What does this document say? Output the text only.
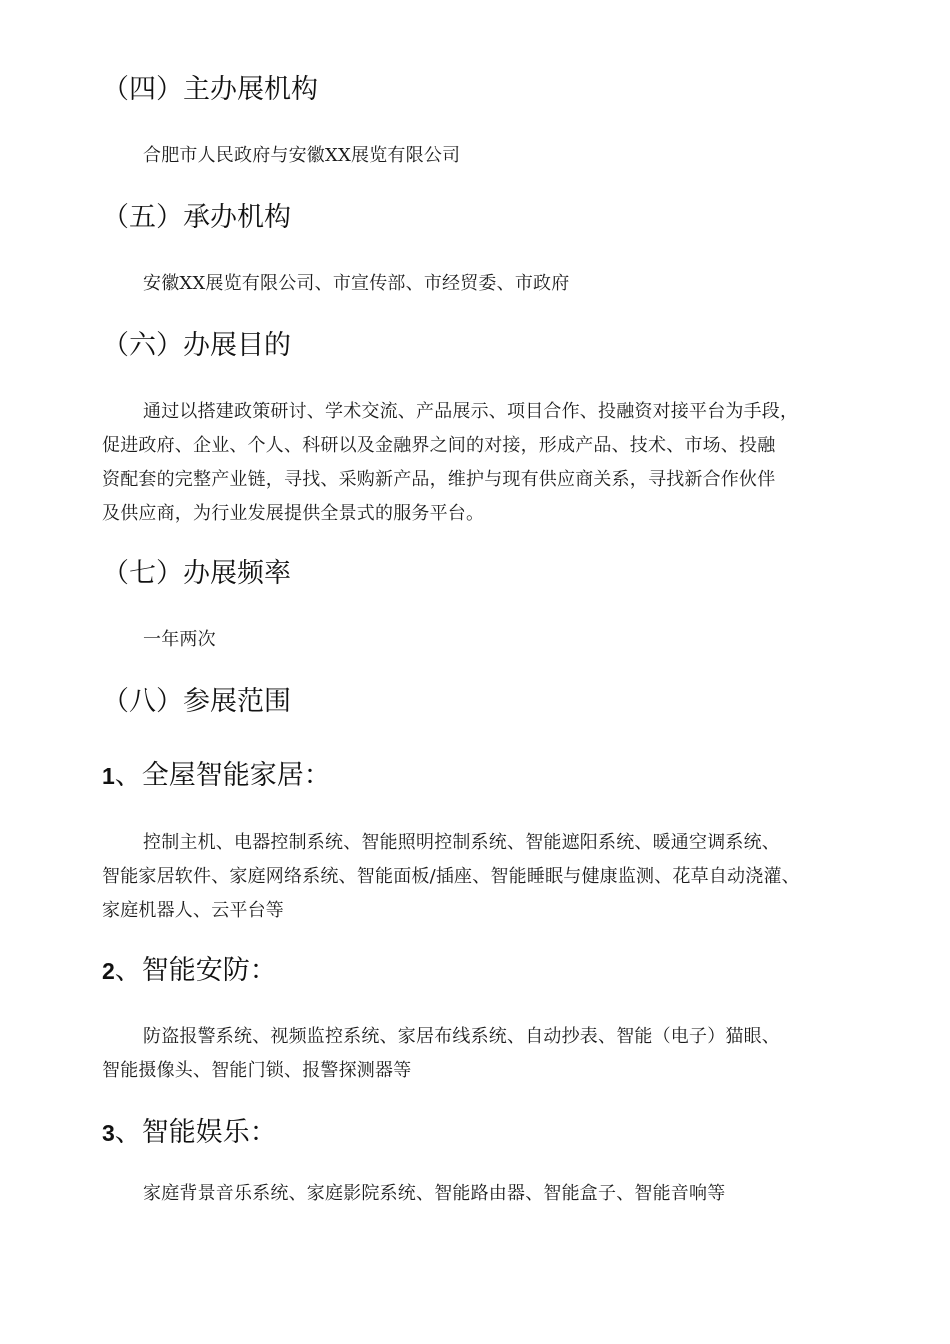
（四）主办展机构
合肥市人民政府与安徽XX展览有限公司
（五）承办机构
安徽XX展览有限公司、市宣传部、市经贸委、市政府
（六）办展目的
通过以搭建政策研讨、学术交流、产品展示、项目合作、投融资对接平台为手段，
促进政府、企业、个人、科研以及金融界之间的对接，形成产品、技术、市场、投融
资配套的完整产业链，寻找、采购新产品，维护与现有供应商关系，寻找新合作伙伴
及供应商，为行业发展提供全景式的服务平台。
（七）办展频率
一年两次
（八）参展范围
1、全屋智能家居：
控制主机、电器控制系统、智能照明控制系统、智能遮阳系统、暖通空调系统、
智能家居软件、家庭网络系统、智能面板/插座、智能睡眠与健康监测、花草自动浇灌、
家庭机器人、云平台等
2、智能安防：
防盗报警系统、视频监控系统、家居布线系统、自动抄表、智能（电子）猫眼、
智能摄像头、智能门锁、报警探测器等
3、智能娱乐：
家庭背景音乐系统、家庭影院系统、智能路由器、智能盒子、智能音响等
